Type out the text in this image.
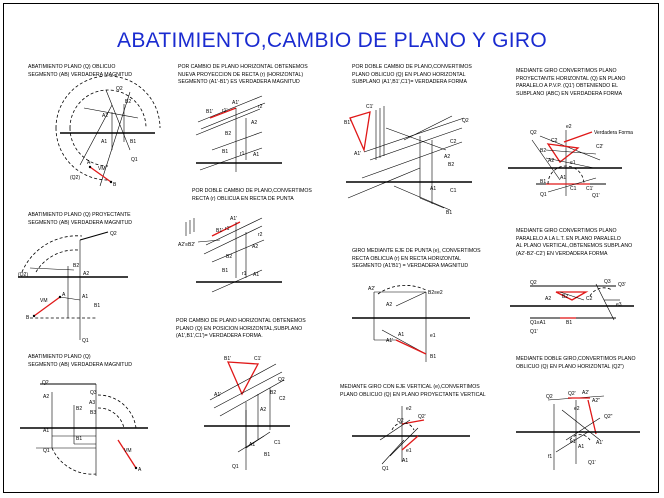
ABATIMIENTO,CAMBIO DE PLANO Y GIRO
ABATIMIENTO PLANO (Q) OBLICUO
SEGMENTO (AB) VERDADERA MAGNITUD
Q2
B2
A2
A1	B1
Q1
(Q2)
A
VM
B
ABATIMIENTO PLANO (Q) PROYECTANTE
SEGMENTO (AB) VERDADERA MAGNITUD
Q2
(Q2)	A2
B2
A1
B1
VM
A
B
Q1
ABATIMIENTO PLANO (Q)
SEGMENTO (AB) VERDADERA MAGNITUD
Q2
A2
B2
Q3
A3
B3
A1
B1
Q1	VM
A
POR CAMBIO DE PLANO HORIZONTAL OBTENEMOS
NUEVA PROYECCION DE RECTA (r) (HORIZONTAL)
SEGMENTO (A1'-B1') ES VERDADERA MAGNITUD
B1'
A1'
r1'
r2
A2
B2
B1 r1 A1
POR DOBLE CAMBIO DE PLANO,CONVERTIMOS
RECTA (r) OBLICUA EN RECTA DE PUNTA
A2'≡B2'
B1' r1'
A1'
r2
A2
B2
B1	r1 A1
POR CAMBIO DE PLANO HORIZONTAL OBTENEMOS
PLANO (Q) EN POSICION HORIZONTAL,SUBPLANO
(A1',B1',C1')= VERDADERA FORMA.
B1'	C1'
A1'
Q2
B2
C2
A2
Q1
A1
B1
C1
POR DOBLE CAMBIO DE PLANO,CONVERTIMOS
PLANO OBLICUO (Q) EN PLANO HORIZONTAL
SUBPLANO (A1',B1',C1')= VERDADERA FORMA
C1'
B1'
A1'
Q2
C2
A2
B2
C1
A1
B1
GIRO MEDIANTE EJE DE PUNTA (e), CONVERTIMOS
RECTA OBLICUA (r) EN RECTA HORIZONTAL
SEGMENTO (A1'B1') = VERDADERA MAGNITUD
A2'
B2≡e2
A2
A1'
e1
A1
B1
MEDIANTE GIRO CON EJE VERTICAL (e),CONVERTIMOS
PLANO OBLICUO (Q) EN PLANO PROYECTANTE VERTICAL
e2
Q2
Q2'
e1
A1
Q1
MEDIANTE GIRO CONVERTIMOS PLANO
PROYECTANTE HORIZONTAL (Q) EN PLANO
PARALELO A P.V.P. (Q1') OBTENIENDO EL
SUBPLANO (ABC) EN VERDADERA FORMA
e2
Verdadera Forma
Q2
C2
B2
C2'
A2	e1
A1
B1
C1 C1'
Q1	Q1'
MEDIANTE GIRO CONVERTIMOS PLANO
PARALELO A LA L.T. EN PLANO PARALELO
AL PLANO VERTICAL,OBTENEMOS SUBPLANO
(A2'-B2'-C2') EN VERDADERA FORMA
Q2	Q3 Q3'
B2
A2	C2
e3
Q1≡A1	B1
Q1'
MEDIANTE DOBLE GIRO,CONVERTIMOS PLANO
OBLICUO (Q) EN PLANO HORIZONTAL (Q2")
Q2	Q2' A2'
A2"
e2
Q2"
e1
A1
A1'
Q1'
f1
